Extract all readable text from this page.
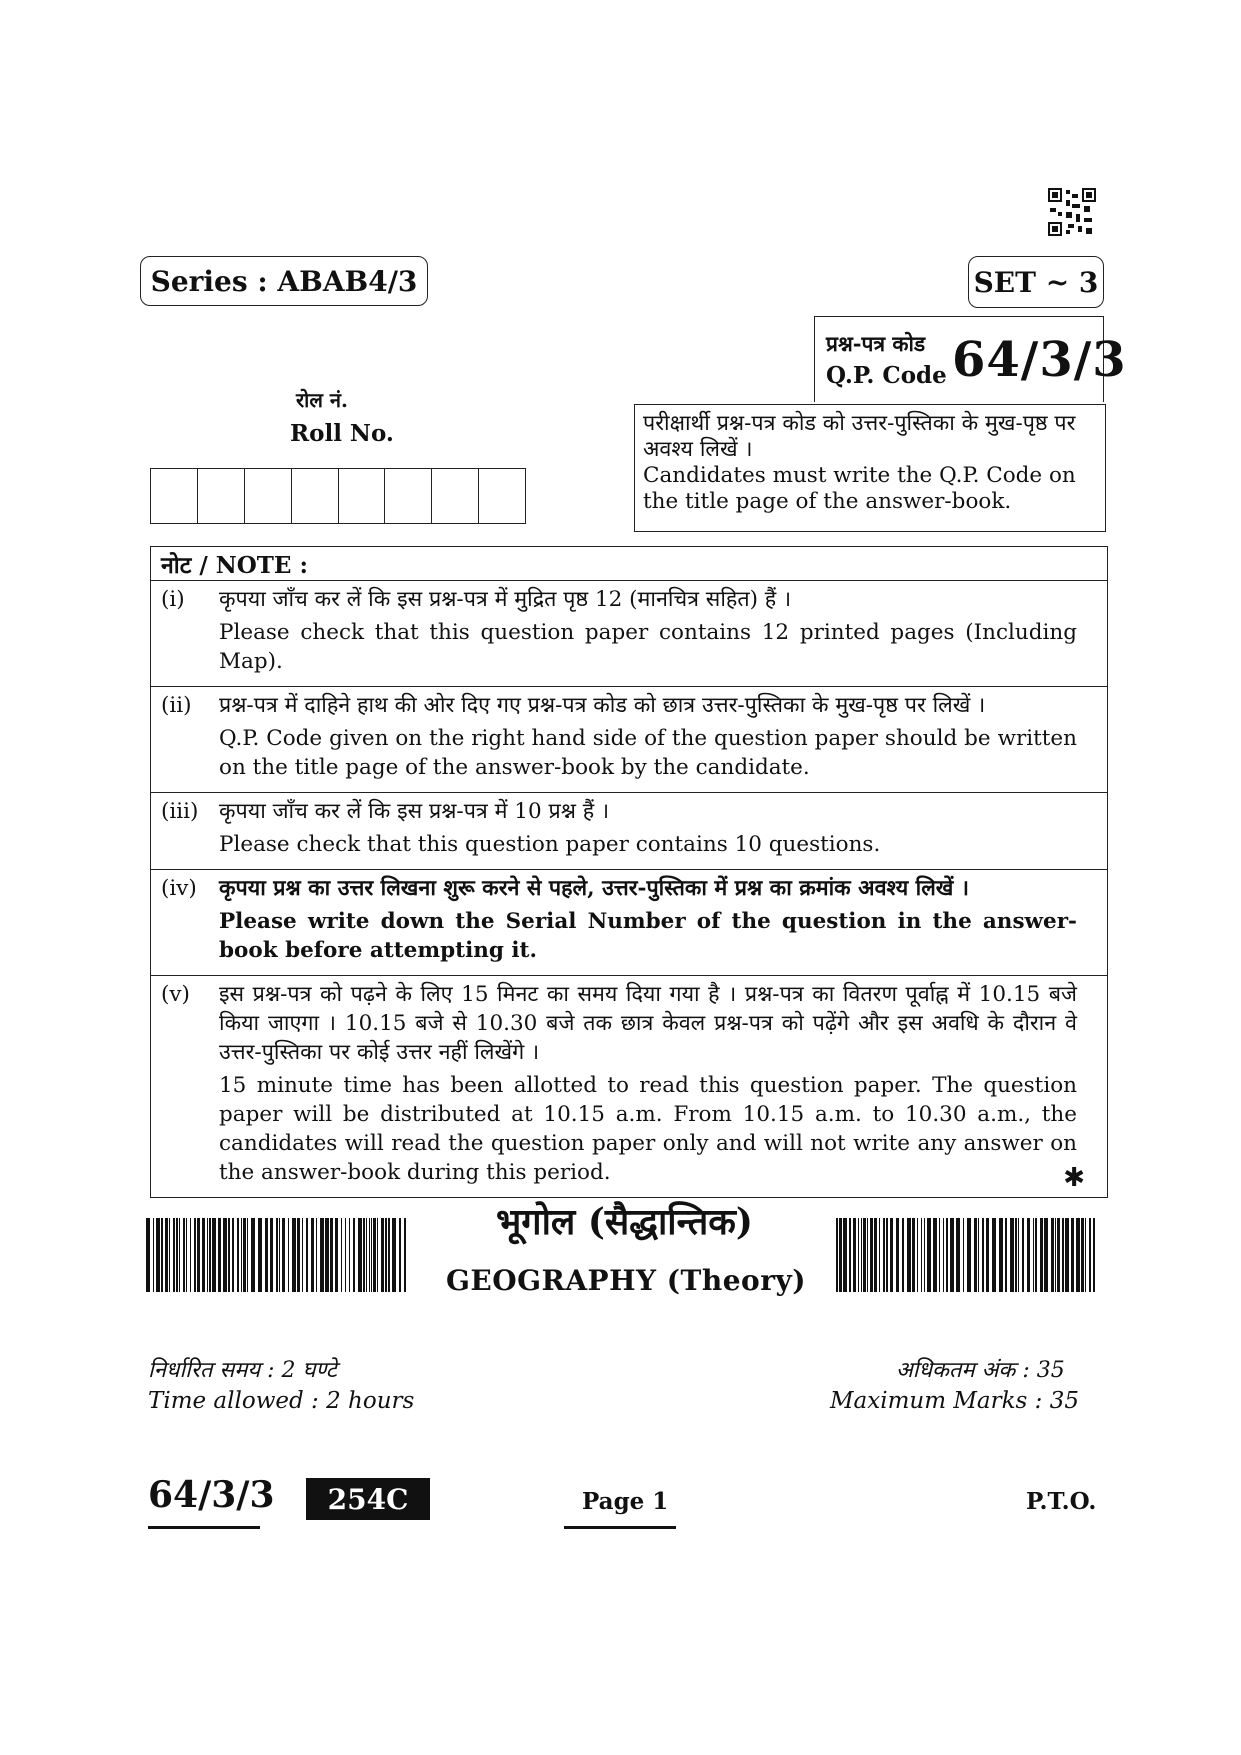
Series : ABAB4/3	SET ~ 3
प्रश्न-पत्र कोड
Q.P. Code 64/3/3
परीक्षार्थी प्रश्न-पत्र कोड को उत्तर-पुस्तिका के मुख-पृष्ठ पर अवश्य लिखें ।
Candidates must write the Q.P. Code on the title page of the answer-book.
रोल नं.
Roll No.
नोट / NOTE :
(i)	कृपया जाँच कर लें कि इस प्रश्न-पत्र में मुद्रित पृष्ठ 12 (मानचित्र सहित) हैं ।

Please check that this question paper contains 12 printed pages (Including Map).

(ii)	प्रश्न-पत्र में दाहिने हाथ की ओर दिए गए प्रश्न-पत्र कोड को छात्र उत्तर-पुस्तिका के मुख-पृष्ठ पर लिखें ।

Q.P. Code given on the right hand side of the question paper should be written on the title page of the answer-book by the candidate.

(iii) कृपया जाँच कर लें कि इस प्रश्न-पत्र में 10 प्रश्न हैं ।

Please check that this question paper contains 10 questions.

(iv)	कृपया प्रश्न का उत्तर लिखना शुरू करने से पहले, उत्तर-पुस्तिका में प्रश्न का क्रमांक अवश्य लिखें ।

Please write down the Serial Number of the question in the answer-book before attempting it.

(v)	इस प्रश्न-पत्र को पढ़ने के लिए 15 मिनट का समय दिया गया है । प्रश्न-पत्र का वितरण पूर्वाह्न में 10.15 बजे किया जाएगा । 10.15 बजे से 10.30 बजे तक छात्र केवल प्रश्न-पत्र को पढ़ेंगे और इस अवधि के दौरान वे उत्तर-पुस्तिका पर कोई उत्तर नहीं लिखेंगे ।

15 minute time has been allotted to read this question paper. The question paper will be distributed at 10.15 a.m. From 10.15 a.m. to 10.30 a.m., the candidates will read the question paper only and will not write any answer on the answer-book during this period.	✱
भूगोल (सैद्धान्तिक)
GEOGRAPHY (Theory)
निर्धारित समय : 2 घण्टे
Time allowed : 2 hours
अधिकतम अंक : 35
Maximum Marks : 35
64/3/3	254C	Page 1	P.T.O.
